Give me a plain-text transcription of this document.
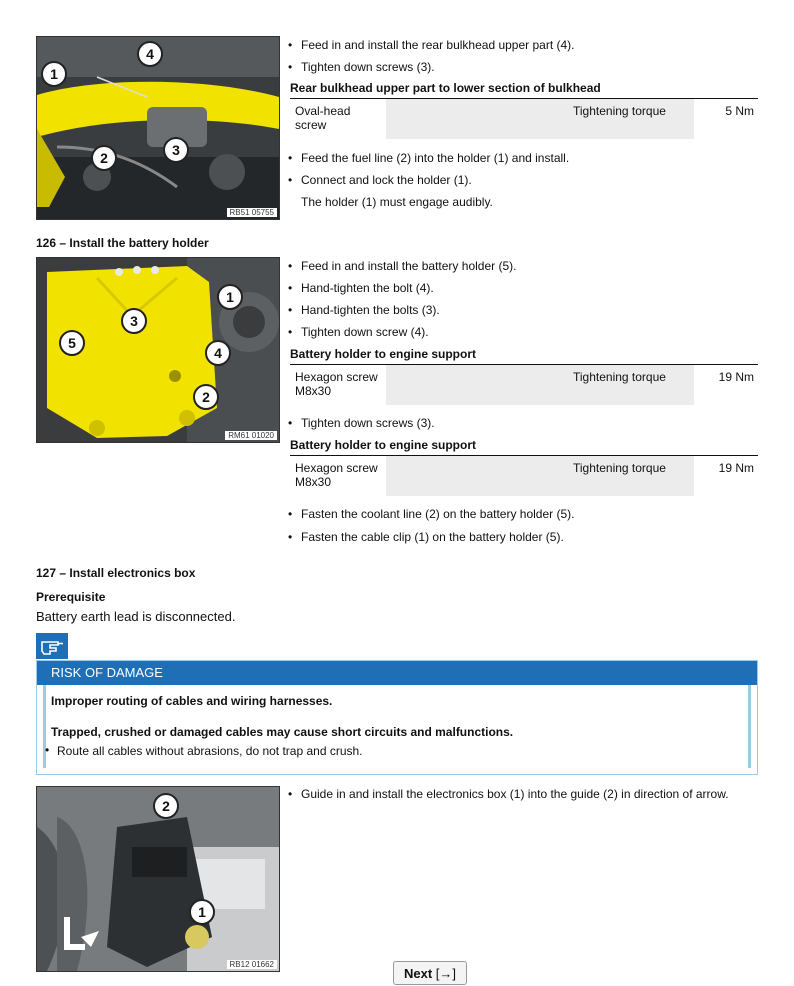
4
1
2	3
RB51 05755
• Feed in and install the rear bulkhead upper part (4).
• Tighten down screws (3).
Rear bulkhead upper part to lower section of bulkhead
Oval-head screw
Tightening torque	5 Nm
• Feed the fuel line (2) into the holder (1) and install.
• Connect and lock the holder (1).
The holder (1) must engage audibly.
126 – Install the battery holder
1
3
5
4
2
RM61 01020
• Feed in and install the battery holder (5).
• Hand-tighten the bolt (4).
• Hand-tighten the bolts (3).
• Tighten down screw (4).
Battery holder to engine support
Hexagon screw M8x30
Tightening torque	19 Nm
• Tighten down screws (3).
Battery holder to engine support
Hexagon screw M8x30
Tightening torque	19 Nm
• Fasten the coolant line (2) on the battery holder (5).
• Fasten the cable clip (1) on the battery holder (5).
127 – Install electronics box
Prerequisite
Battery earth lead is disconnected.
RISK OF DAMAGE
Improper routing of cables and wiring harnesses.
Trapped, crushed or damaged cables may cause short circuits and malfunctions.
• Route all cables without abrasions, do not trap and crush.
2
1
RB12 01662
• Guide in and install the electronics box (1) into the guide (2) in direction of arrow.
Next [→]
